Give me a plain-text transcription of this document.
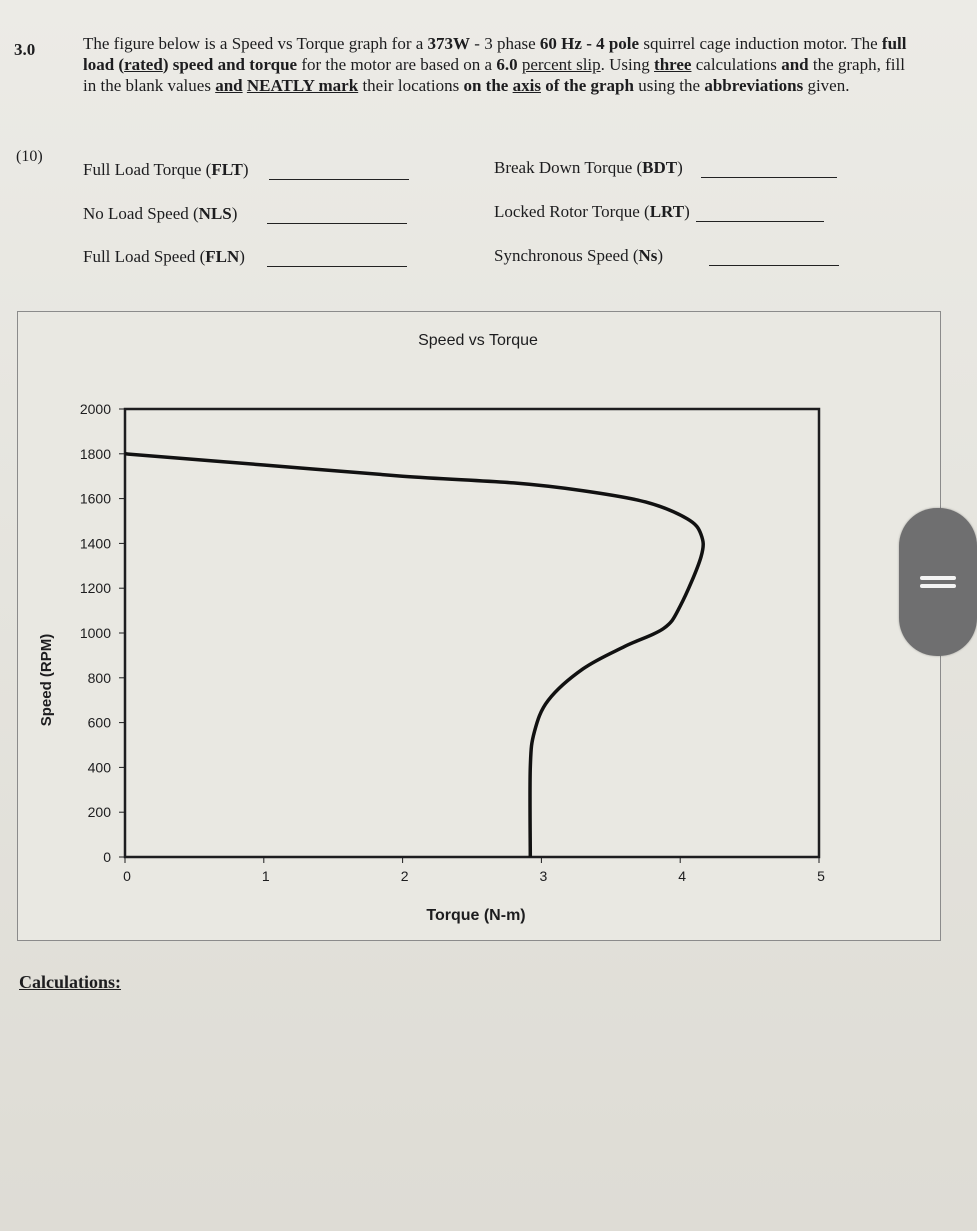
3.0
(10)

The figure below is a Speed vs Torque graph for a 373W - 3 phase 60 Hz - 4 pole squirrel cage induction motor. The full load (rated) speed and torque for the motor are based on a 6.0 percent slip. Using three calculations and the graph, fill in the blank values and NEATLY mark their locations on the axis of the graph using the abbreviations given.

Full Load Torque (FLT)
No Load Speed (NLS)
Full Load Speed (FLN)
Break Down Torque (BDT)
Locked Rotor Torque (LRT)
Synchronous Speed (Ns)
Speed vs Torque
0
200
400
600
800
1000
1200
1400
1600
1800
2000
0	1	2	3	4	5
Torque (N-m)
Speed (RPM)
Calculations:
